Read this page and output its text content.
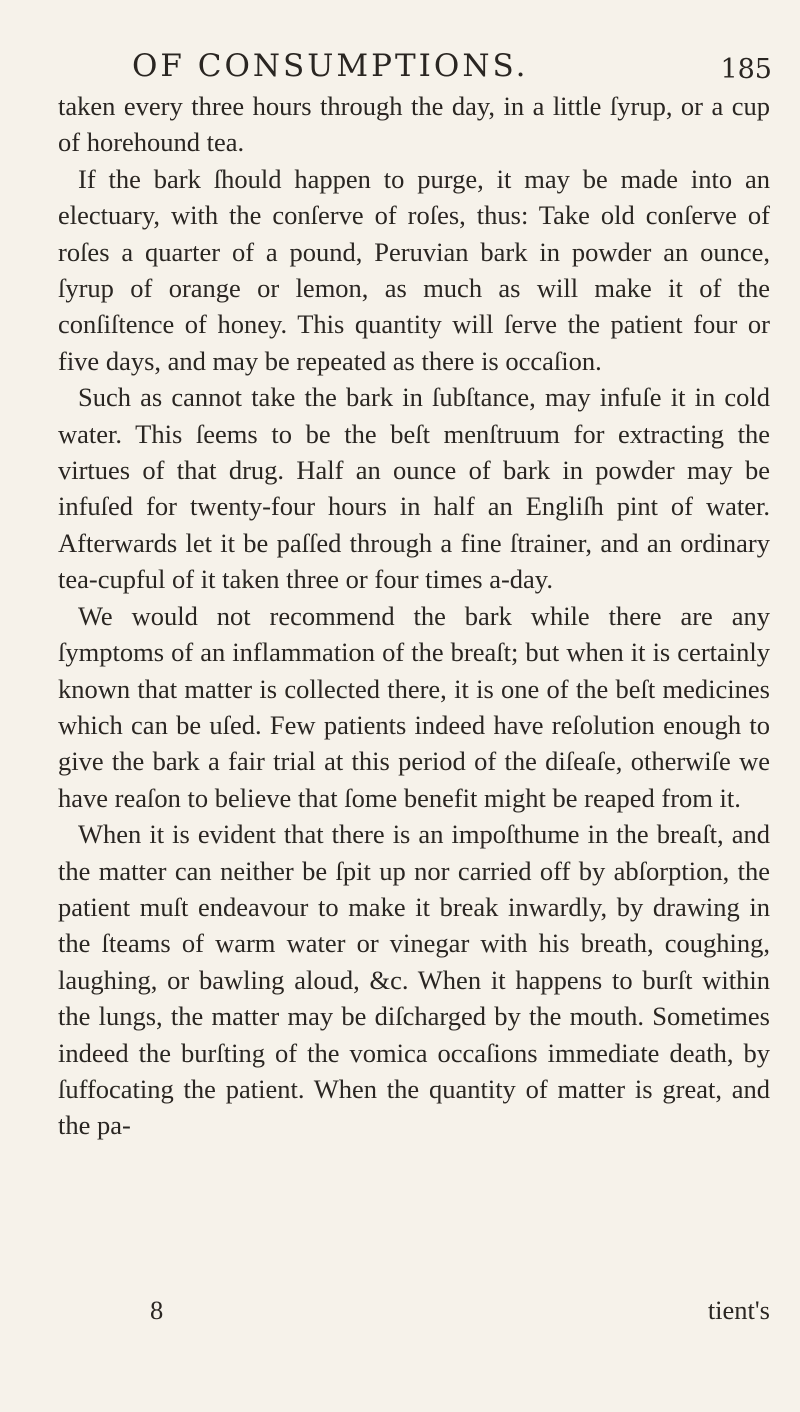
OF CONSUMPTIONS.	185

taken every three hours through the day, in a little ſyrup, or a cup of horehound tea.

If the bark ſhould happen to purge, it may be made into an electuary, with the conſerve of roſes, thus: Take old conſerve of roſes a quarter of a pound, Peruvian bark in powder an ounce, ſyrup of orange or lemon, as much as will make it of the conſiſtence of honey. This quantity will ſerve the patient four or five days, and may be repeated as there is occaſion.

Such as cannot take the bark in ſubſtance, may infuſe it in cold water. This ſeems to be the beſt menſtruum for extracting the virtues of that drug. Half an ounce of bark in powder may be infuſed for twenty-four hours in half an Engliſh pint of water. Afterwards let it be paſſed through a fine ſtrainer, and an ordinary tea-cupful of it taken three or four times a-day.

We would not recommend the bark while there are any ſymptoms of an inflammation of the breaſt; but when it is certainly known that matter is collected there, it is one of the beſt medicines which can be uſed. Few patients indeed have reſolution enough to give the bark a fair trial at this period of the diſeaſe, otherwiſe we have reaſon to believe that ſome benefit might be reaped from it.

When it is evident that there is an impoſthume in the breaſt, and the matter can neither be ſpit up nor carried off by abſorption, the patient muſt endeavour to make it break inwardly, by drawing in the ſteams of warm water or vinegar with his breath, coughing, laughing, or bawling aloud, &c. When it happens to burſt within the lungs, the matter may be diſcharged by the mouth. Sometimes indeed the burſting of the vomica occaſions immediate death, by ſuffocating the patient. When the quantity of matter is great, and the pa-

8	tient's
